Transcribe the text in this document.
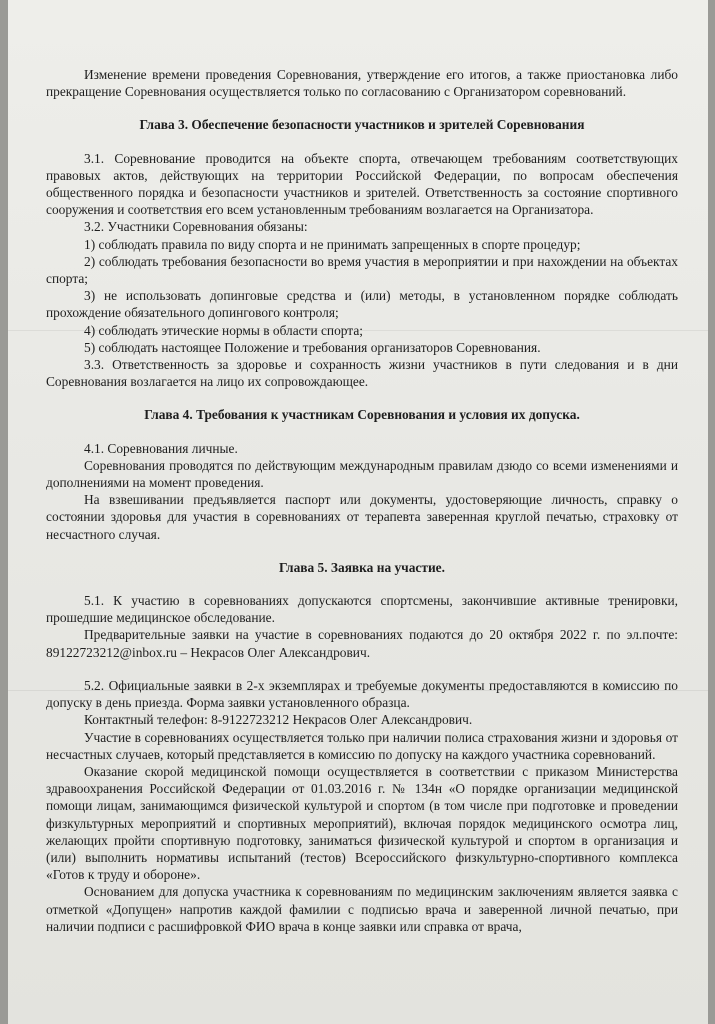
Изменение времени проведения Соревнования, утверждение его итогов, а также приостановка либо прекращение Соревнования осуществляется только по согласованию с Организатором соревнований.

Глава 3. Обеспечение безопасности участников и зрителей Соревнования

3.1. Соревнование проводится на объекте спорта, отвечающем требованиям соответствующих правовых актов, действующих на территории Российской Федерации, по вопросам обеспечения общественного порядка и безопасности участников и зрителей. Ответственность за состояние спортивного сооружения и соответствия его всем установленным требованиям возлагается на Организатора.

3.2. Участники Соревнования обязаны:

1) соблюдать правила по виду спорта и не принимать запрещенных в спорте процедур;

2) соблюдать требования безопасности во время участия в мероприятии и при нахождении на объектах спорта;

3) не использовать допинговые средства и (или) методы, в установленном порядке соблюдать прохождение обязательного допингового контроля;

4) соблюдать этические нормы в области спорта;

5) соблюдать настоящее Положение и требования организаторов Соревнования.

3.3. Ответственность за здоровье и сохранность жизни участников в пути следования и в дни Соревнования возлагается на лицо их сопровождающее.

Глава 4. Требования к участникам Соревнования и условия их допуска.

4.1. Соревнования личные.

Соревнования проводятся по действующим международным правилам дзюдо со всеми изменениями и дополнениями на момент проведения.

На взвешивании предъявляется паспорт или документы, удостоверяющие личность, справку о состоянии здоровья для участия в соревнованиях от терапевта заверенная круглой печатью, страховку от несчастного случая.

Глава 5. Заявка на участие.

5.1. К участию в соревнованиях допускаются спортсмены, закончившие активные тренировки, прошедшие медицинское обследование.

Предварительные заявки на участие в соревнованиях подаются до 20 октября 2022 г. по эл.почте: 89122723212@inbox.ru – Некрасов Олег Александрович.

5.2. Официальные заявки в 2-х экземплярах и требуемые документы предоставляются в комиссию по допуску в день приезда. Форма заявки установленного образца.

Контактный телефон: 8-9122723212 Некрасов Олег Александрович.

Участие в соревнованиях осуществляется только при наличии полиса страхования жизни и здоровья от несчастных случаев, который представляется в комиссию по допуску на каждого участника соревнований.

Оказание скорой медицинской помощи осуществляется в соответствии с приказом Министерства здравоохранения Российской Федерации от 01.03.2016 г. № 134н «О порядке организации медицинской помощи лицам, занимающимся физической культурой и спортом (в том числе при подготовке и проведении физкультурных мероприятий и спортивных мероприятий), включая порядок медицинского осмотра лиц, желающих пройти спортивную подготовку, заниматься физической культурой и спортом в организация и (или) выполнить нормативы испытаний (тестов) Всероссийского физкультурно-спортивного комплекса «Готов к труду и обороне».

Основанием для допуска участника к соревнованиям по медицинским заключениям является заявка с отметкой «Допущен» напротив каждой фамилии с подписью врача и заверенной личной печатью, при наличии подписи с расшифровкой ФИО врача в конце заявки или справка от врача,
